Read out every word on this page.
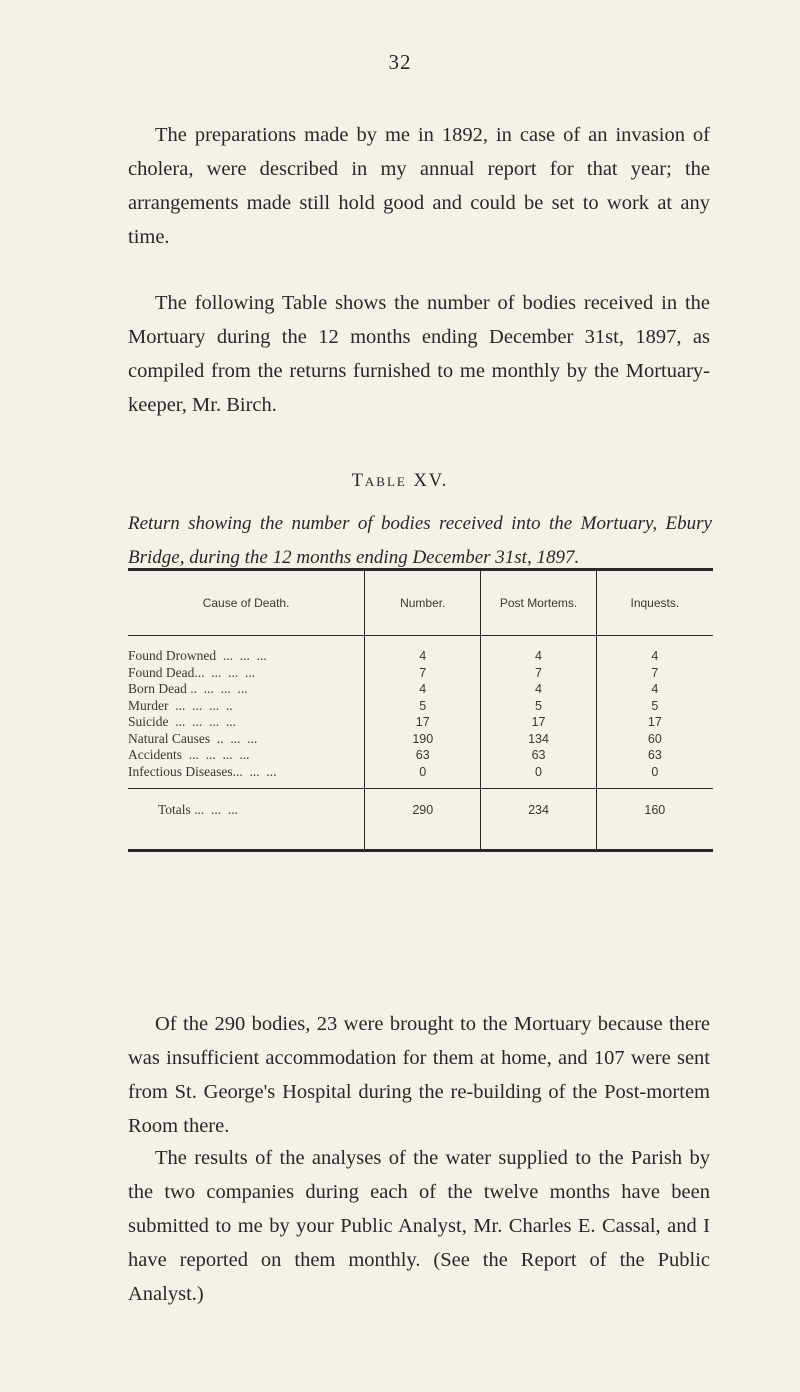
32

The preparations made by me in 1892, in case of an invasion of cholera, were described in my annual report for that year; the arrangements made still hold good and could be set to work at any time.

The following Table shows the number of bodies received in the Mortuary during the 12 months ending December 31st, 1897, as compiled from the returns furnished to me monthly by the Mortuary-keeper, Mr. Birch.

Table XV.

Return showing the number of bodies received into the Mortuary, Ebury Bridge, during the 12 months ending December 31st, 1897.

Cause of Death.	Number.	Post Mortems.	Inquests.

Found Drowned  ...  ...  ...	4	4	4
Found Dead...  ...  ...  ...	7	7	7
Born Dead ..  ...  ...  ...	4	4	4
Murder  ...  ...  ...  ..	5	5	5
Suicide  ...  ...  ...  ...	17	17	17
Natural Causes  ..  ...  ...	190	134	60
Accidents  ...  ...  ...  ...	63	63	63
Infectious Diseases...  ...  ...	0	0	0

Totals ...  ...  ...	290	234	160

Of the 290 bodies, 23 were brought to the Mortuary because there was insufficient accommodation for them at home, and 107 were sent from St. George's Hospital during the re-building of the Post-mortem Room there.

The results of the analyses of the water supplied to the Parish by the two companies during each of the twelve months have been submitted to me by your Public Analyst, Mr. Charles E. Cassal, and I have reported on them monthly. (See the Report of the Public Analyst.)
